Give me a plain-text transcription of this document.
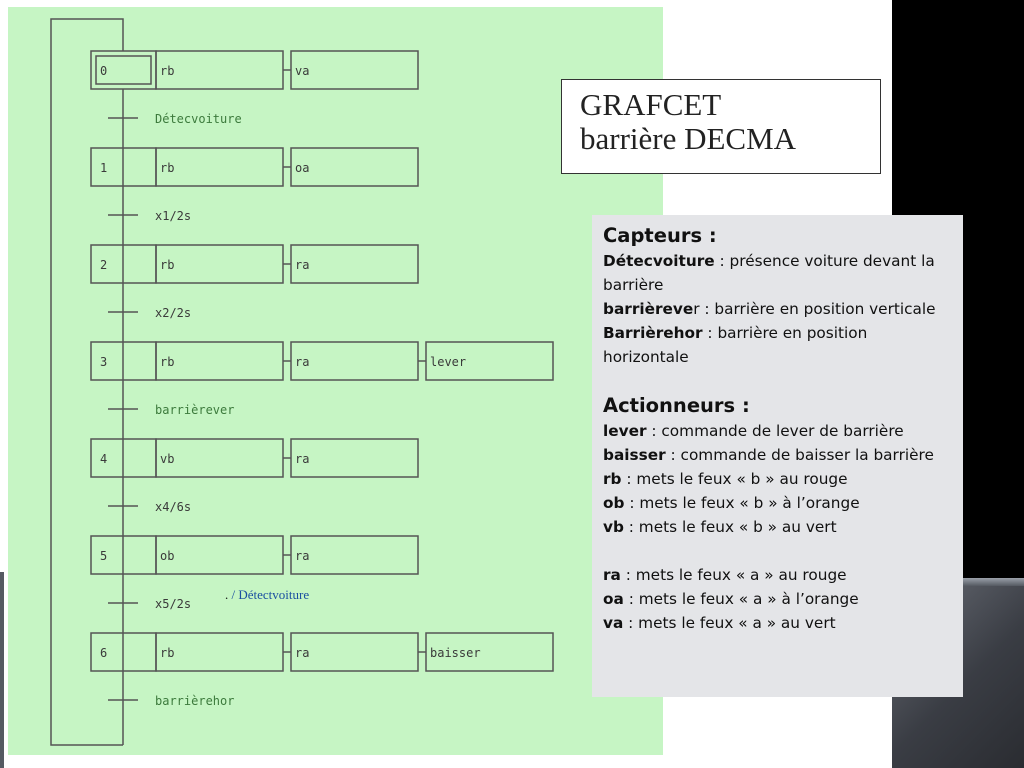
0	rb	va
Détecvoiture
1	rb	oa
x1/2s
2	rb	ra
x2/2s
3	rb	ra	lever
barrièrever
4	vb	ra
x4/6s
5	ob	ra
x5/2s
6	rb	ra	baisser
barrièrehor
. / Détectvoiture
GRAFCET
barrière DECMA
Capteurs :
Détecvoiture : présence voiture devant la barrière
barrièrever : barrière en position verticale
Barrièrehor : barrière en position horizontale
Actionneurs :
lever : commande de lever de barrière
baisser : commande de baisser la barrière
rb : mets le feux « b » au rouge
ob : mets le feux « b » à l’orange
vb : mets le feux « b » au vert
ra : mets le feux « a » au rouge
oa : mets le feux « a » à l’orange
va : mets le feux « a » au vert
